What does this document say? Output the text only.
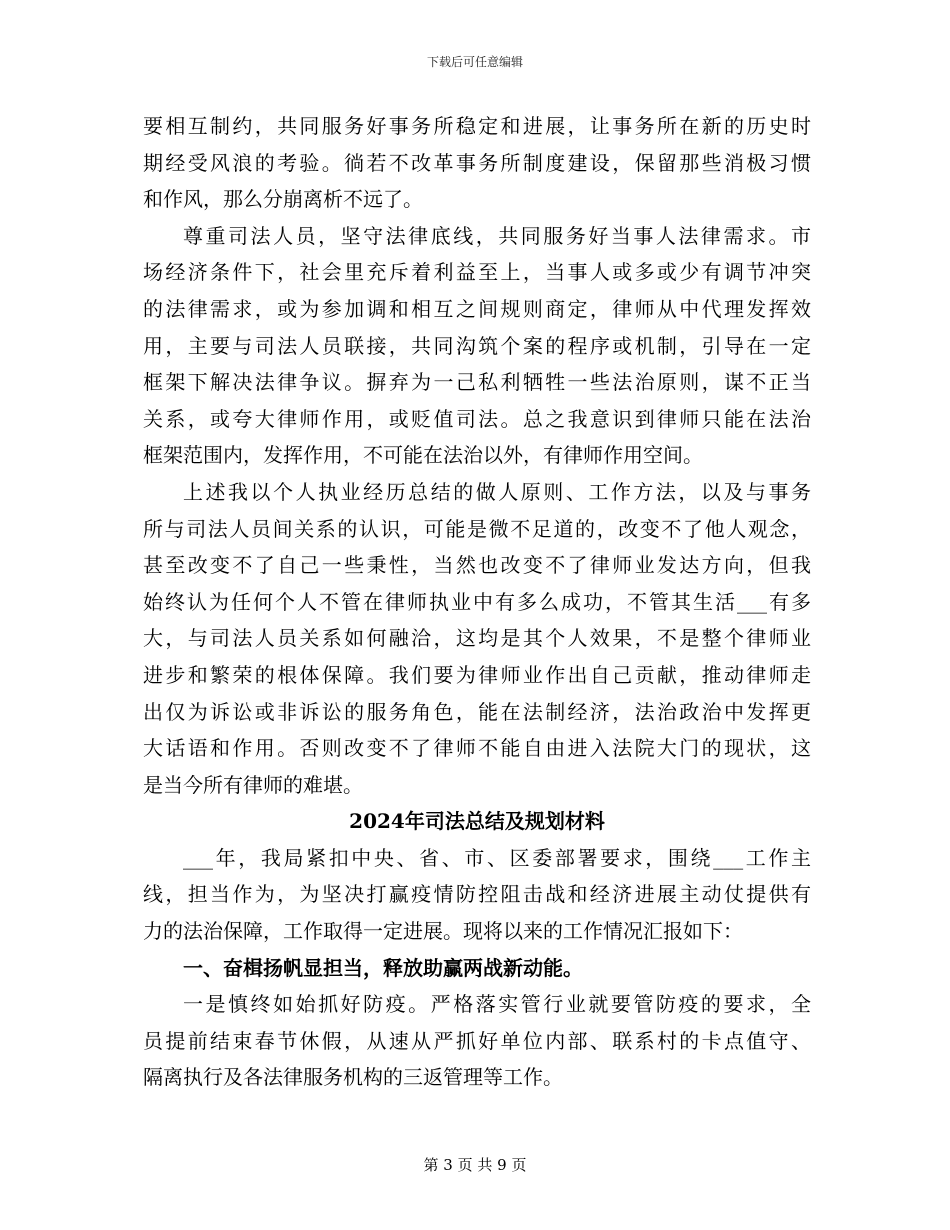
下载后可任意编辑
要相互制约，共同服务好事务所稳定和进展，让事务所在新的历史时
期经受风浪的考验。徜若不改革事务所制度建设，保留那些消极习惯
和作风，那么分崩离析不远了。
尊重司法人员，坚守法律底线，共同服务好当事人法律需求。市
场经济条件下，社会里充斥着利益至上，当事人或多或少有调节冲突
的法律需求，或为参加调和相互之间规则商定，律师从中代理发挥效
用，主要与司法人员联接，共同沟筑个案的程序或机制，引导在一定
框架下解决法律争议。摒弃为一己私利牺牲一些法治原则，谋不正当
关系，或夸大律师作用，或贬值司法。总之我意识到律师只能在法治
框架范围内，发挥作用，不可能在法治以外，有律师作用空间。
上述我以个人执业经历总结的做人原则、工作方法，以及与事务
所与司法人员间关系的认识，可能是微不足道的，改变不了他人观念，
甚至改变不了自己一些秉性，当然也改变不了律师业发达方向，但我
始终认为任何个人不管在律师执业中有多么成功，不管其生活___有多
大，与司法人员关系如何融洽，这均是其个人效果，不是整个律师业
进步和繁荣的根体保障。我们要为律师业作出自己贡献，推动律师走
出仅为诉讼或非诉讼的服务角色，能在法制经济，法治政治中发挥更
大话语和作用。否则改变不了律师不能自由进入法院大门的现状，这
是当今所有律师的难堪。
2024年司法总结及规划材料
___年，我局紧扣中央、省、市、区委部署要求，围绕___工作主
线，担当作为，为坚决打赢疫情防控阻击战和经济进展主动仗提供有
力的法治保障，工作取得一定进展。现将以来的工作情况汇报如下：
一、奋楫扬帆显担当，释放助赢两战新动能。
一是慎终如始抓好防疫。严格落实管行业就要管防疫的要求，全
员提前结束春节休假，从速从严抓好单位内部、联系村的卡点值守、
隔离执行及各法律服务机构的三返管理等工作。
第 3 页 共 9 页
